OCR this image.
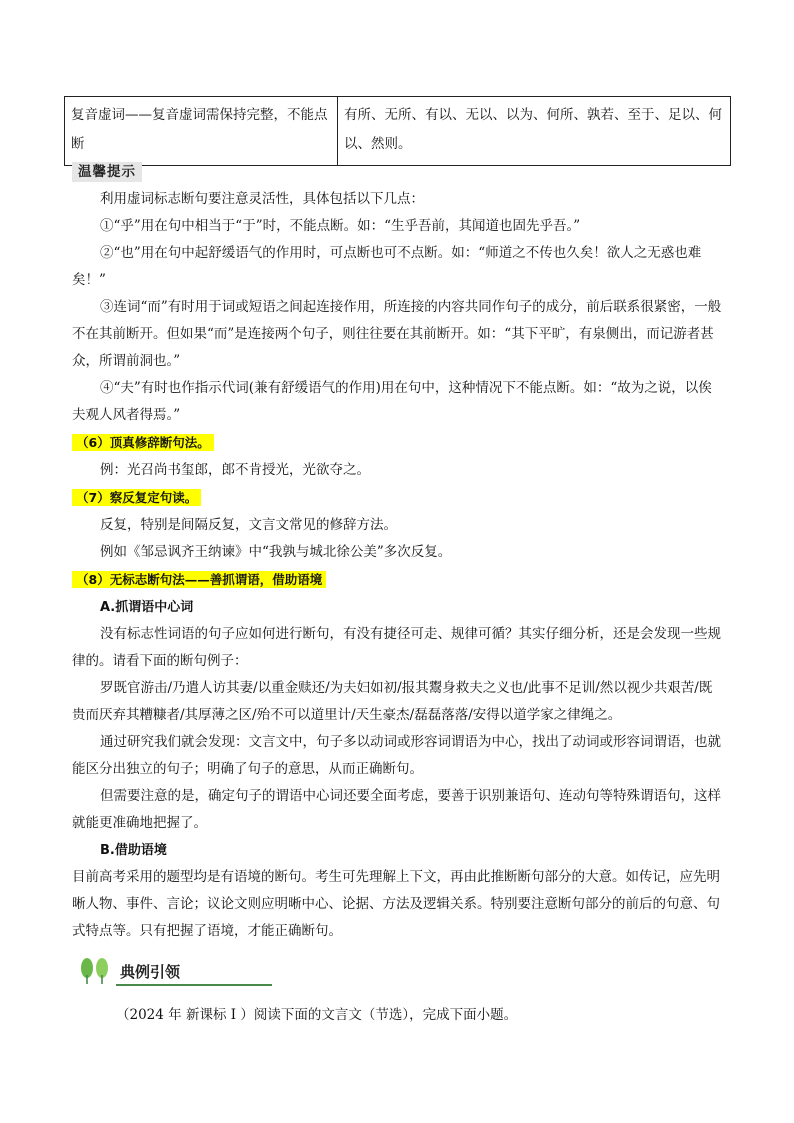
复音虚词——复音虚词需保持完整，不能点断	有所、无所、有以、无以、以为、何所、孰若、至于、足以、何以、然则。
温馨提示

利用虚词标志断句要注意灵活性，具体包括以下几点：

①“乎”用在句中相当于“于”时，不能点断。如：“生乎吾前，其闻道也固先乎吾。”

②“也”用在句中起舒缓语气的作用时，可点断也可不点断。如：“师道之不传也久矣！欲人之无惑也难矣！”

③连词“而”有时用于词或短语之间起连接作用，所连接的内容共同作句子的成分，前后联系很紧密，一般不在其前断开。但如果“而”是连接两个句子，则往往要在其前断开。如：“其下平旷，有泉侧出，而记游者甚众，所谓前洞也。”

④“夫”有时也作指示代词(兼有舒缓语气的作用)用在句中，这种情况下不能点断。如：“故为之说，以俟夫观人风者得焉。”

（6）顶真修辞断句法。

例：光召尚书玺郎，郎不肯授光，光欲夺之。

（7）察反复定句读。

反复，特别是间隔反复，文言文常见的修辞方法。

例如《邹忌讽齐王纳谏》中“我孰与城北徐公美”多次反复。

（8）无标志断句法——善抓谓语，借助语境

A.抓谓语中心词

没有标志性词语的句子应如何进行断句，有没有捷径可走、规律可循？其实仔细分析，还是会发现一些规律的。请看下面的断句例子：

罗既官游击/乃遣人访其妻/以重金赎还/为夫妇如初/报其鬻身救夫之义也/此事不足训/然以视少共艰苦/既贵而厌弃其糟糠者/其厚薄之区/殆不可以道里计/天生豪杰/磊磊落落/安得以道学家之律绳之。

通过研究我们就会发现：文言文中，句子多以动词或形容词谓语为中心，找出了动词或形容词谓语，也就能区分出独立的句子；明确了句子的意思，从而正确断句。

但需要注意的是，确定句子的谓语中心词还要全面考虑，要善于识别兼语句、连动句等特殊谓语句，这样就能更准确地把握了。

B.借助语境

目前高考采用的题型均是有语境的断句。考生可先理解上下文，再由此推断断句部分的大意。如传记，应先明晰人物、事件、言论；议论文则应明晰中心、论据、方法及逻辑关系。特别要注意断句部分的前后的句意、句式特点等。只有把握了语境，才能正确断句。

典例引领
（2024 年 新课标 I ）阅读下面的文言文（节选），完成下面小题。
